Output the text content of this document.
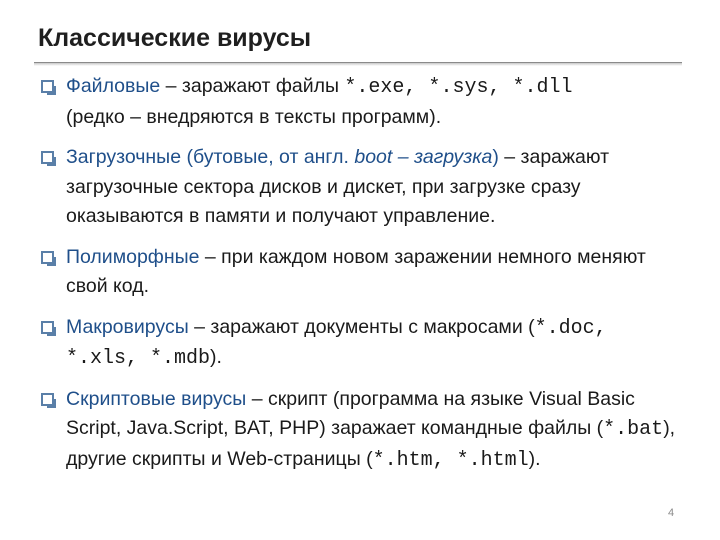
Классические вирусы
Файловые – заражают файлы *.exe, *.sys, *.dll
(редко – внедряются в тексты программ).
Загрузочные (бутовые, от англ. boot – загрузка) – заражают загрузочные сектора дисков и дискет, при загрузке сразу оказываются в памяти и получают управление.
Полиморфные – при каждом новом заражении немного меняют свой код.
Макровирусы – заражают документы с макросами (*.doc, *.xls, *.mdb).
Скриптовые вирусы – скрипт (программа на языке Visual Basic Script, Java.Script, BAT, PHP) заражает командные файлы (*.bat), другие скрипты и Web-страницы (*.htm, *.html).
4
